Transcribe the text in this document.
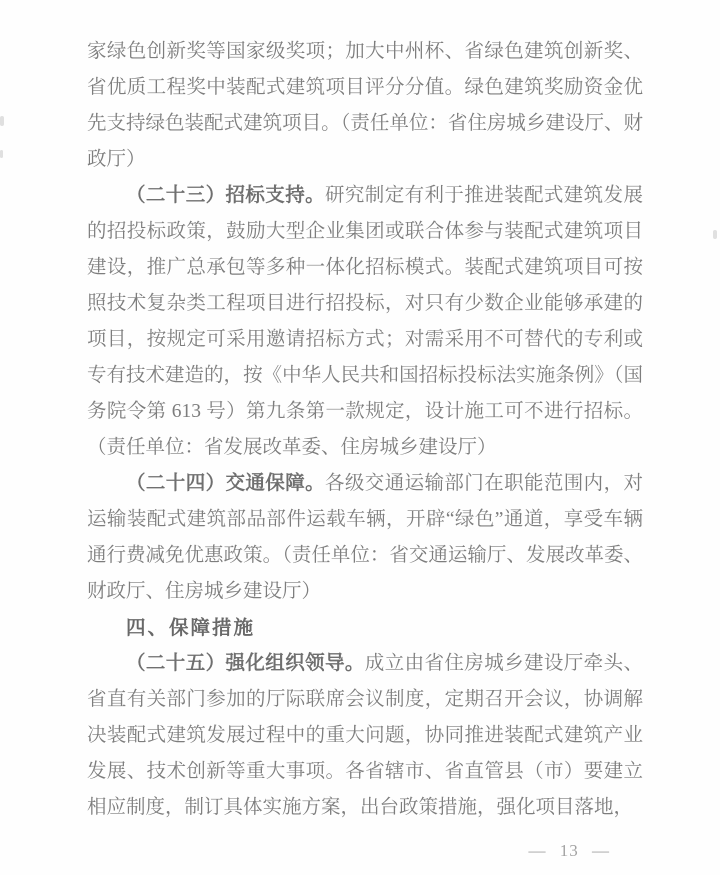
家绿色创新奖等国家级奖项；加大中州杯、省绿色建筑创新奖、省优质工程奖中装配式建筑项目评分分值。绿色建筑奖励资金优先支持绿色装配式建筑项目。（责任单位：省住房城乡建设厅、财政厅）

（二十三）招标支持。研究制定有利于推进装配式建筑发展的招投标政策，鼓励大型企业集团或联合体参与装配式建筑项目建设，推广总承包等多种一体化招标模式。装配式建筑项目可按照技术复杂类工程项目进行招投标，对只有少数企业能够承建的项目，按规定可采用邀请招标方式；对需采用不可替代的专利或专有技术建造的，按《中华人民共和国招标投标法实施条例》（国务院令第 613 号）第九条第一款规定，设计施工可不进行招标。（责任单位：省发展改革委、住房城乡建设厅）

（二十四）交通保障。各级交通运输部门在职能范围内，对运输装配式建筑部品部件运载车辆，开辟“绿色”通道，享受车辆通行费减免优惠政策。（责任单位：省交通运输厅、发展改革委、财政厅、住房城乡建设厅）

四、保障措施

（二十五）强化组织领导。成立由省住房城乡建设厅牵头、省直有关部门参加的厅际联席会议制度，定期召开会议，协调解决装配式建筑发展过程中的重大问题，协同推进装配式建筑产业发展、技术创新等重大事项。各省辖市、省直管县（市）要建立相应制度，制订具体实施方案，出台政策措施，强化项目落地，

— 13 —
